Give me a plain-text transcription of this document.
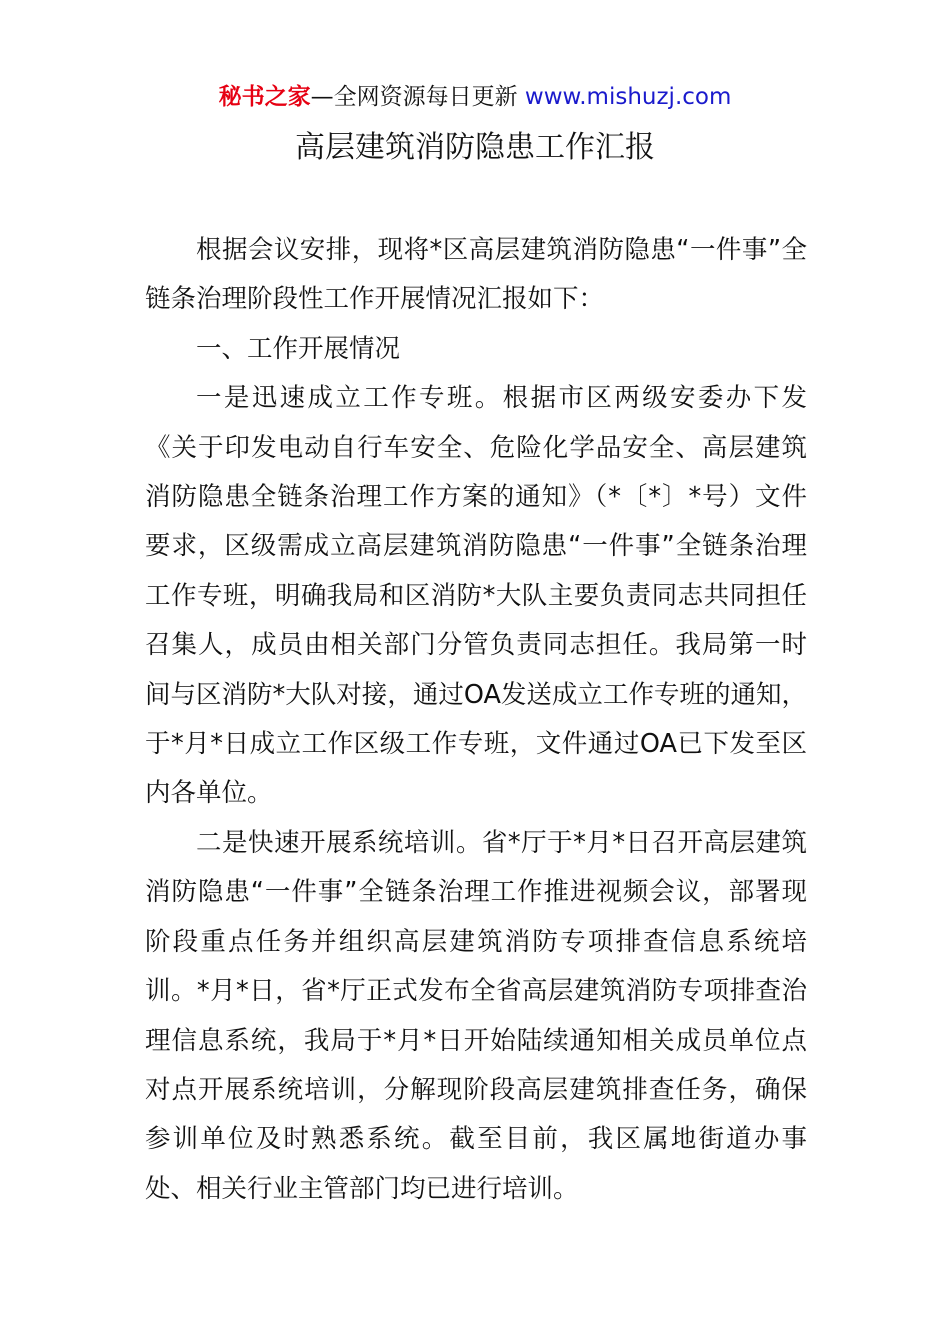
秘书之家—全网资源每日更新 www.mishuzj.com
高层建筑消防隐患工作汇报

根据会议安排，现将*区高层建筑消防隐患“一件事”全链条治理阶段性工作开展情况汇报如下：

一、工作开展情况

一是迅速成立工作专班。根据市区两级安委办下发《关于印发电动自行车安全、危险化学品安全、高层建筑消防隐患全链条治理工作方案的通知》（*〔*〕*号）文件要求，区级需成立高层建筑消防隐患“一件事”全链条治理工作专班，明确我局和区消防*大队主要负责同志共同担任召集人，成员由相关部门分管负责同志担任。我局第一时间与区消防*大队对接，通过OA发送成立工作专班的通知，于*月*日成立工作区级工作专班，文件通过OA已下发至区内各单位。

二是快速开展系统培训。省*厅于*月*日召开高层建筑消防隐患“一件事”全链条治理工作推进视频会议，部署现阶段重点任务并组织高层建筑消防专项排查信息系统培训。*月*日，省*厅正式发布全省高层建筑消防专项排查治理信息系统，我局于*月*日开始陆续通知相关成员单位点对点开展系统培训，分解现阶段高层建筑排查任务，确保参训单位及时熟悉系统。截至目前，我区属地街道办事处、相关行业主管部门均已进行培训。
